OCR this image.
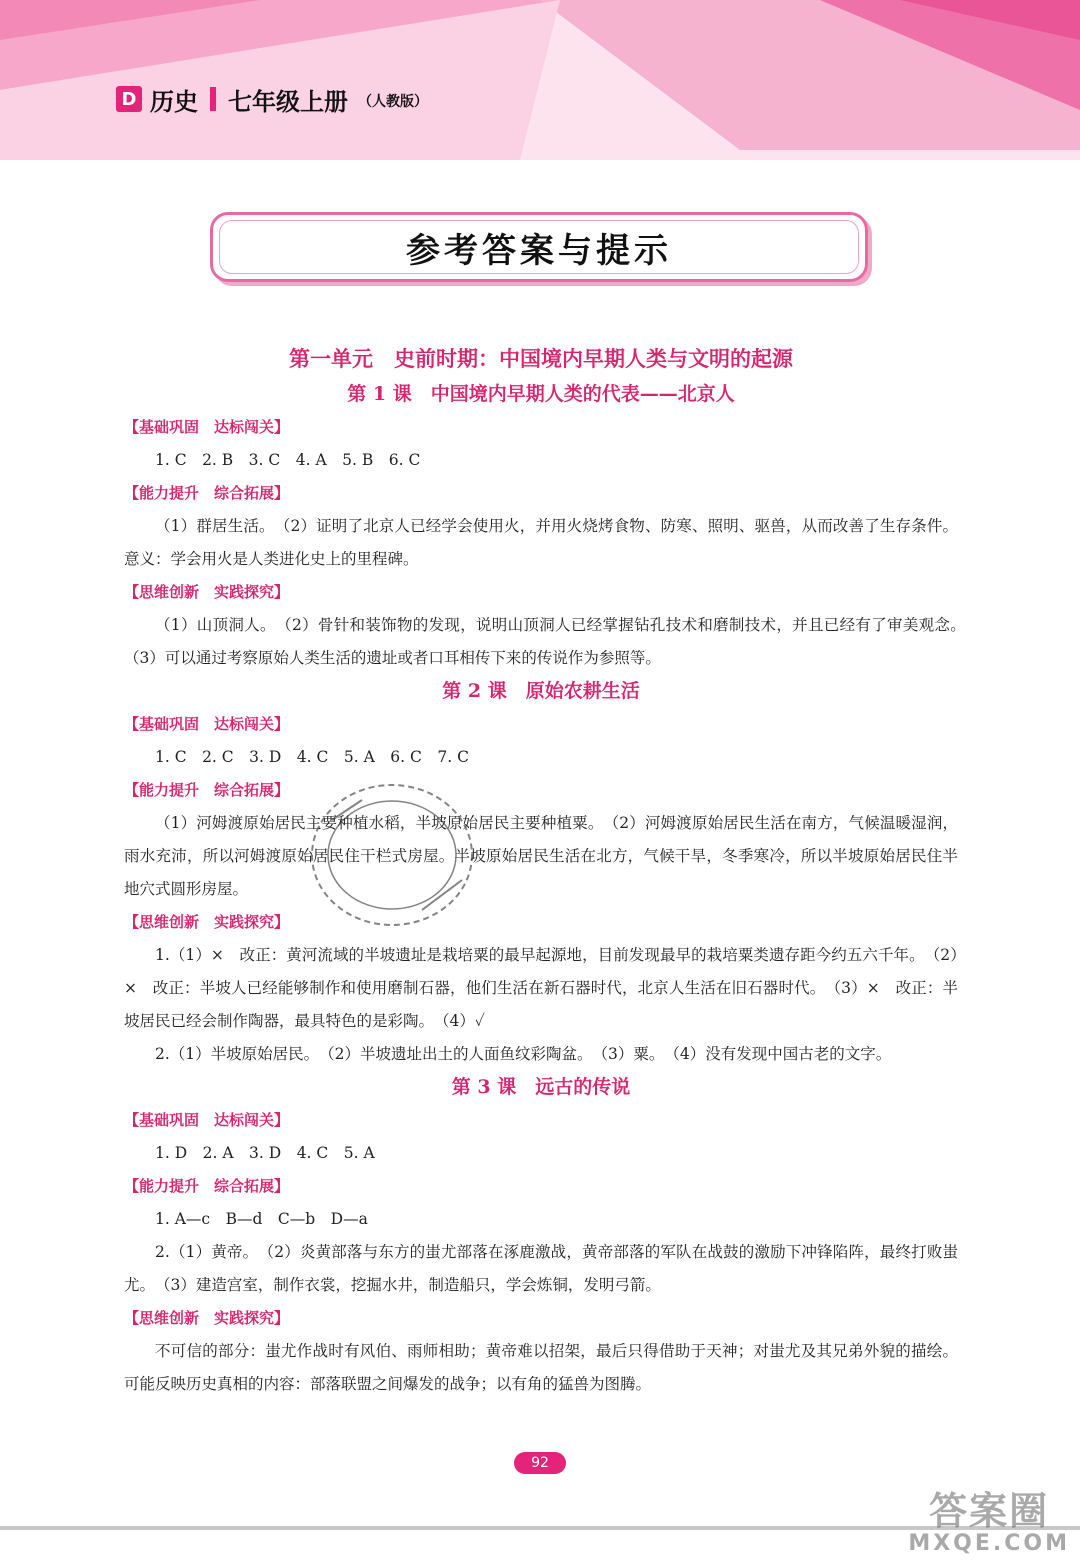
D 历史 七年级上册 （人教版）
参考答案与提示

第一单元　史前时期：中国境内早期人类与文明的起源

第 1 课　中国境内早期人类的代表——北京人

【基础巩固　达标闯关】

1. C　2. B　3. C　4. A　5. B　6. C

【能力提升　综合拓展】

（1）群居生活。　（2）证明了北京人已经学会使用火，并用火烧烤食物、防寒、照明、驱兽，从而改善了生存条件。意义：学会用火是人类进化史上的里程碑。

【思维创新　实践探究】

（1）山顶洞人。　（2）骨针和装饰物的发现，说明山顶洞人已经掌握钻孔技术和磨制技术，并且已经有了审美观念。　（3）可以通过考察原始人类生活的遗址或者口耳相传下来的传说作为参照等。

第 2 课　原始农耕生活

【基础巩固　达标闯关】

1. C　2. C　3. D　4. C　5. A　6. C　7. C

【能力提升　综合拓展】

（1）河姆渡原始居民主要种植水稻，半坡原始居民主要种植粟。　（2）河姆渡原始居民生活在南方，气候温暖湿润，雨水充沛，所以河姆渡原始居民住干栏式房屋。半坡原始居民生活在北方，气候干旱，冬季寒冷，所以半坡原始居民住半地穴式圆形房屋。

【思维创新　实践探究】

1.（1）×　改正：黄河流域的半坡遗址是栽培粟的最早起源地，目前发现最早的栽培粟类遗存距今约五六千年。　（2）×　改正：半坡人已经能够制作和使用磨制石器，他们生活在新石器时代，北京人生活在旧石器时代。　（3）×　改正：半坡居民已经会制作陶器，最具特色的是彩陶。　（4）✓

2.（1）半坡原始居民。　（2）半坡遗址出土的人面鱼纹彩陶盆。　（3）粟。　（4）没有发现中国古老的文字。

第 3 课　远古的传说

【基础巩固　达标闯关】

1. D　2. A　3. D　4. C　5. A

【能力提升　综合拓展】

1. A—c　B—d　C—b　D—a

2.（1）黄帝。　（2）炎黄部落与东方的蚩尤部落在涿鹿激战，黄帝部落的军队在战鼓的激励下冲锋陷阵，最终打败蚩尤。　（3）建造宫室，制作衣裳，挖掘水井，制造船只，学会炼铜，发明弓箭。

【思维创新　实践探究】

不可信的部分：蚩尤作战时有风伯、雨师相助；黄帝难以招架，最后只得借助于天神；对蚩尤及其兄弟外貌的描绘。可能反映历史真相的内容：部落联盟之间爆发的战争；以有角的猛兽为图腾。

92
答案圈
MXQE.COM
